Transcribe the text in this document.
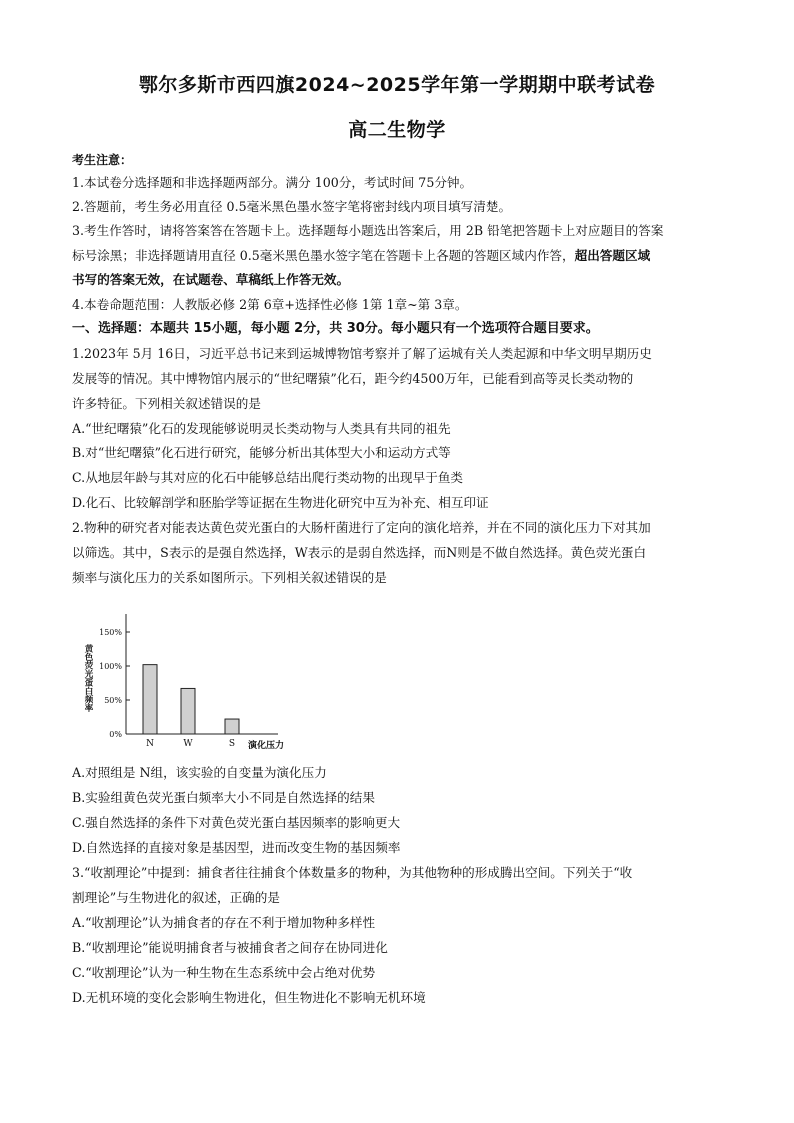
鄂尔多斯市西四旗2024~2025学年第一学期期中联考试卷
高二生物学
考生注意：
1.本试卷分选择题和非选择题两部分。满分 100分，考试时间 75分钟。
2.答题前，考生务必用直径 0.5毫米黑色墨水签字笔将密封线内项目填写清楚。
3.考生作答时，请将答案答在答题卡上。选择题每小题选出答案后，用 2B 铅笔把答题卡上对应题目的答案
标号涂黑；非选择题请用直径 0.5毫米黑色墨水签字笔在答题卡上各题的答题区域内作答，超出答题区域
书写的答案无效，在试题卷、草稿纸上作答无效。
4.本卷命题范围：人教版必修 2第 6章+选择性必修 1第 1章~第 3章。
一、选择题：本题共 15小题，每小题 2分，共 30分。每小题只有一个选项符合题目要求。
1.2023年 5月 16日，习近平总书记来到运城博物馆考察并了解了运城有关人类起源和中华文明早期历史
发展等的情况。其中博物馆内展示的“世纪曙猿”化石，距今约4500万年，已能看到高等灵长类动物的
许多特征。下列相关叙述错误的是
A.“世纪曙猿”化石的发现能够说明灵长类动物与人类具有共同的祖先
B.对“世纪曙猿”化石进行研究，能够分析出其体型大小和运动方式等
C.从地层年龄与其对应的化石中能够总结出爬行类动物的出现早于鱼类
D.化石、比较解剖学和胚胎学等证据在生物进化研究中互为补充、相互印证
2.物种的研究者对能表达黄色荧光蛋白的大肠杆菌进行了定向的演化培养，并在不同的演化压力下对其加
以筛选。其中，S表示的是强自然选择，W表示的是弱自然选择，而N则是不做自然选择。黄色荧光蛋白
频率与演化压力的关系如图所示。下列相关叙述错误的是
0%
50%
100%
150%
黄色荧光蛋白频率
N	W	S 演化压力
A.对照组是 N组，该实验的自变量为演化压力
B.实验组黄色荧光蛋白频率大小不同是自然选择的结果
C.强自然选择的条件下对黄色荧光蛋白基因频率的影响更大
D.自然选择的直接对象是基因型，进而改变生物的基因频率
3.“收割理论”中提到：捕食者往往捕食个体数量多的物种，为其他物种的形成腾出空间。下列关于“收
割理论”与生物进化的叙述，正确的是
A.“收割理论”认为捕食者的存在不利于增加物种多样性
B.“收割理论”能说明捕食者与被捕食者之间存在协同进化
C.“收割理论”认为一种生物在生态系统中会占绝对优势
D.无机环境的变化会影响生物进化，但生物进化不影响无机环境
